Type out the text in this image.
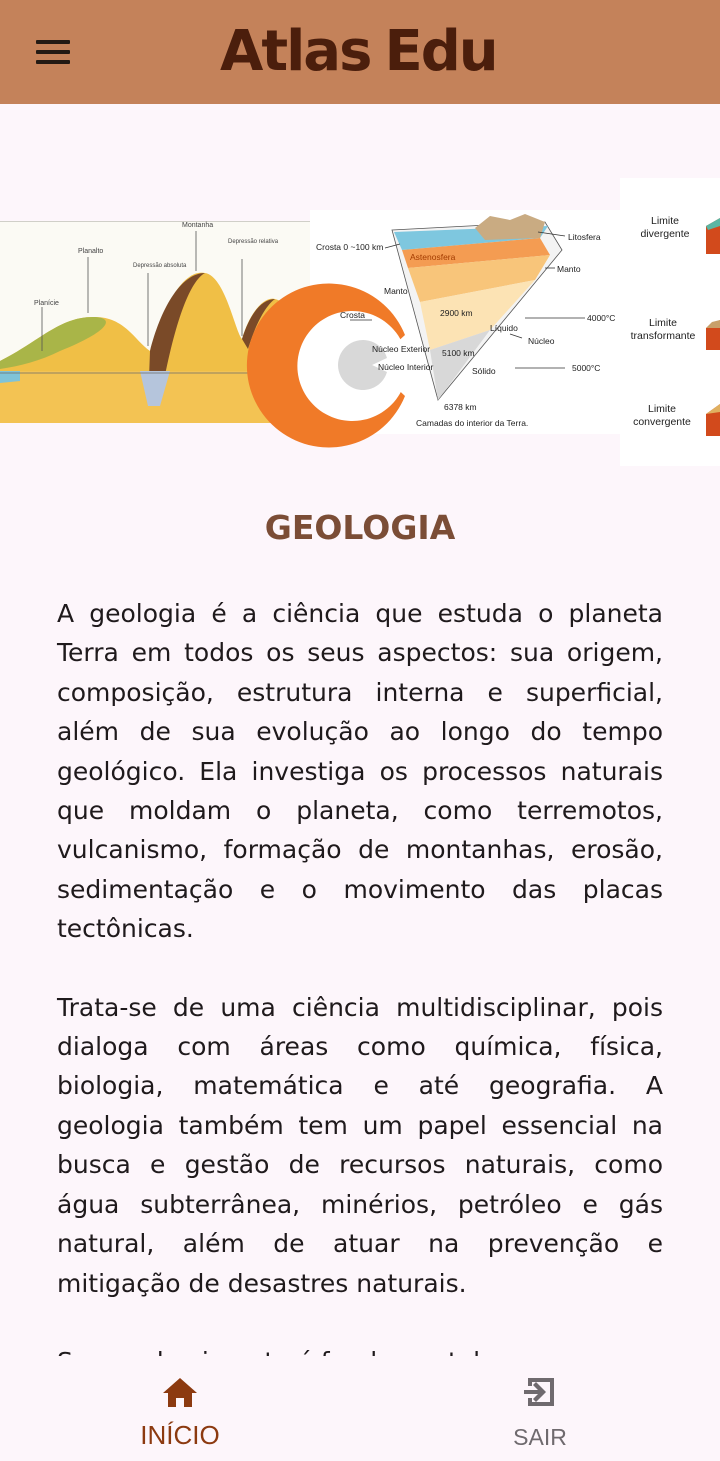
Atlas Edu
Montanha
Planalto
Depressão absoluta
Depressão relativa
Planície
Crosta 0 ~100 km
Litosfera
Astenosfera
Manto
Manto
Crosta	2900 km
Líquido
4000°C
Núcleo Exterior
Núcleo
5100 km
Núcleo Interior	Sólido	5000°C
6378 km
Camadas do interior da Terra.
Limite
divergente
Limite
transformante
Limite
convergente
GEOLOGIA

A geologia é a ciência que estuda o planeta Terra em todos os seus aspectos: sua origem, composição, estrutura interna e superficial, além de sua evolução ao longo do tempo geológico. Ela investiga os processos naturais que moldam o planeta, como terremotos, vulcanismo, formação de montanhas, erosão, sedimentação e o movimento das placas tectônicas.

Trata-se de uma ciência multidisciplinar, pois dialoga com áreas como química, física, biologia, matemática e até geografia. A geologia também tem um papel essencial na busca e gestão de recursos naturais, como água subterrânea, minérios, petróleo e gás natural, além de atuar na prevenção e mitigação de desastres naturais.

INÍCIO	SAIR
